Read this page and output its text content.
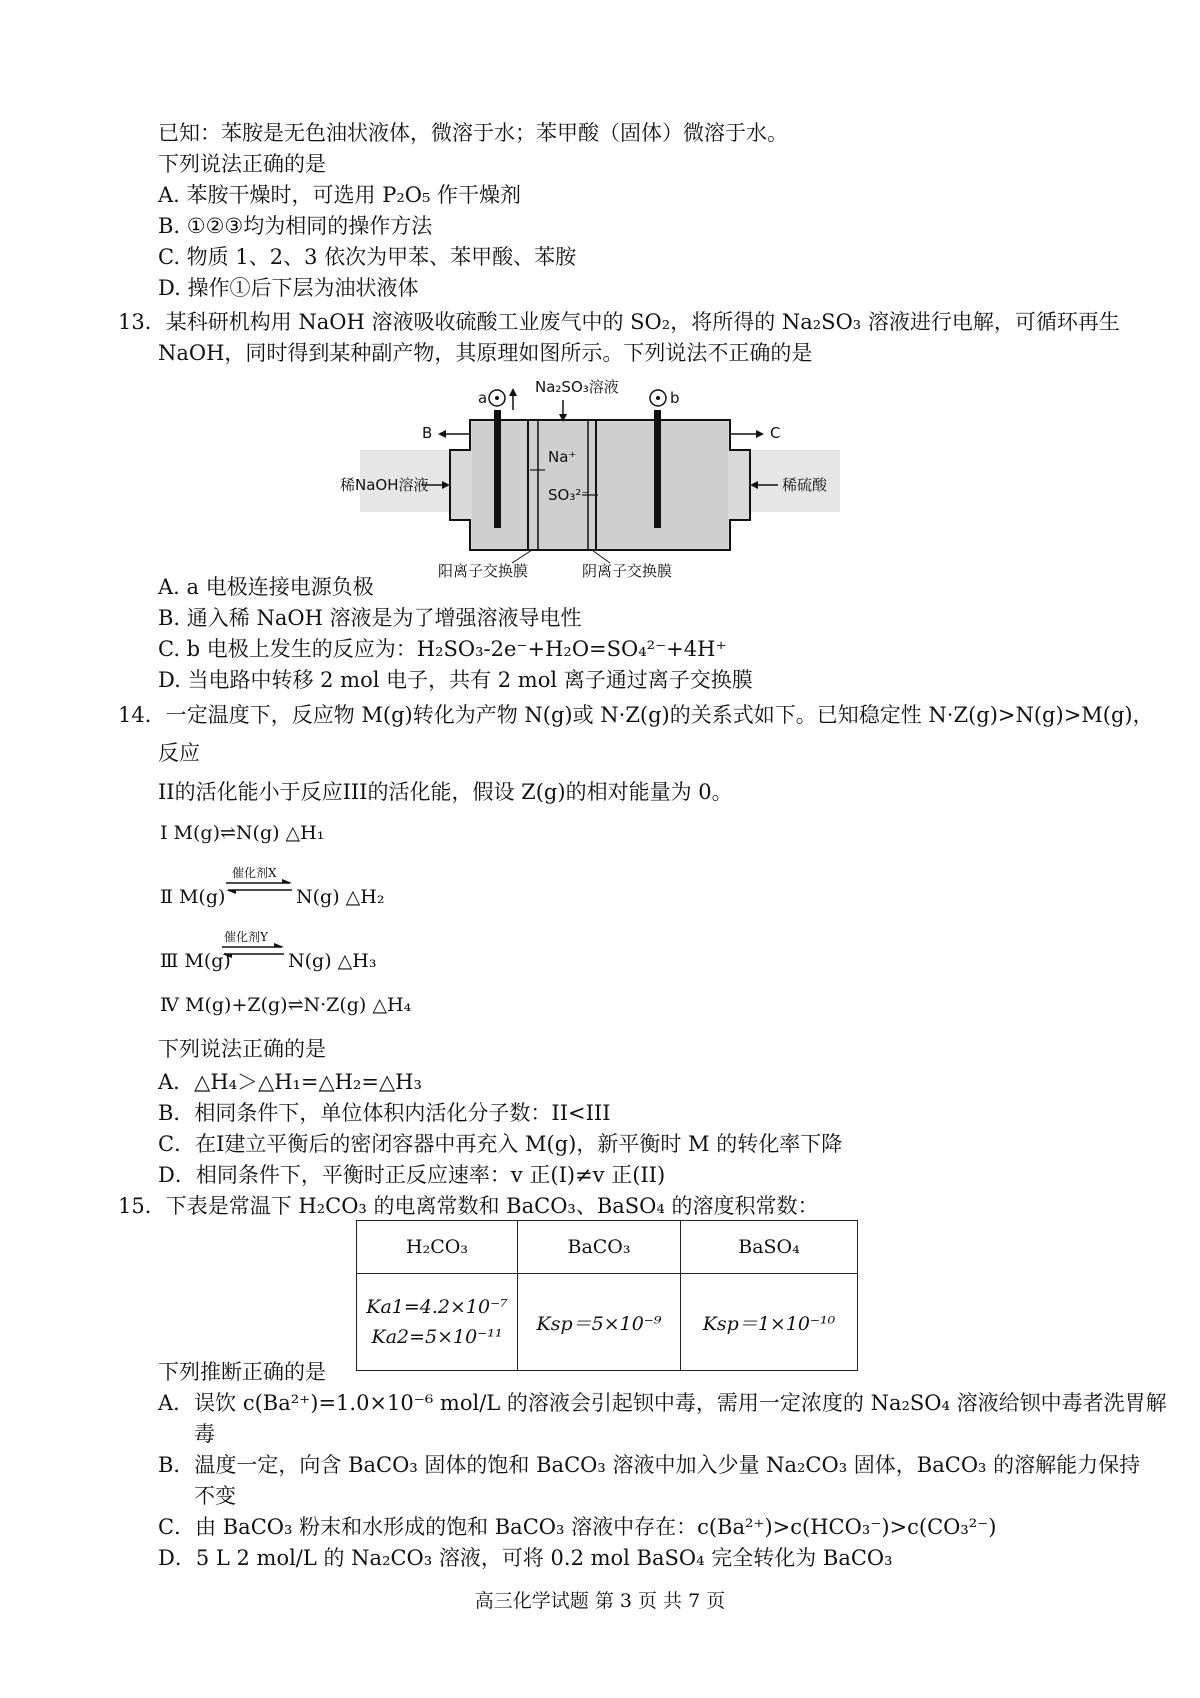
已知：苯胺是无色油状液体，微溶于水；苯甲酸（固体）微溶于水。
下列说法正确的是
A. 苯胺干燥时，可选用 P₂O₅ 作干燥剂
B. ①②③均为相同的操作方法
C. 物质 1、2、3 依次为甲苯、苯甲酸、苯胺
D. 操作①后下层为油状液体
13．某科研机构用 NaOH 溶液吸收硫酸工业废气中的 SO₂，将所得的 Na₂SO₃ 溶液进行电解，可循环再生
NaOH，同时得到某种副产物，其原理如图所示。下列说法不正确的是
a	b
Na₂SO₃溶液
Na⁺
SO₃²⁻
B	C
稀NaOH溶液	稀硫酸
阳离子交换膜	阴离子交换膜
A. a 电极连接电源负极
B. 通入稀 NaOH 溶液是为了增强溶液导电性
C. b 电极上发生的反应为：H₂SO₃-2e⁻+H₂O=SO₄²⁻+4H⁺
D. 当电路中转移 2 mol 电子，共有 2 mol 离子通过离子交换膜
14．一定温度下，反应物 M(g)转化为产物 N(g)或 N·Z(g)的关系式如下。已知稳定性 N·Z(g)>N(g)>M(g)，
反应
II的活化能小于反应III的活化能，假设 Z(g)的相对能量为 0。
Ⅰ M(g)⇌N(g) △H₁
Ⅱ M(g)
催化剂X
N(g) △H₂
Ⅲ M(g)
催化剂Y
N(g) △H₃
Ⅳ M(g)+Z(g)⇌N·Z(g) △H₄
下列说法正确的是
A．△H₄＞△H₁=△H₂=△H₃
B．相同条件下，单位体积内活化分子数：II<III
C．在I建立平衡后的密闭容器中再充入 M(g)，新平衡时 M 的转化率下降
D．相同条件下，平衡时正反应速率：v 正(I)≠v 正(II)
15．下表是常温下 H₂CO₃ 的电离常数和 BaCO₃、BaSO₄ 的溶度积常数：
H₂CO₃	BaCO₃	BaSO₄

Ka1=4.2×10⁻⁷
Ka2=5×10⁻¹¹	Ksp＝5×10⁻⁹	Ksp＝1×10⁻¹⁰
下列推断正确的是
A．误饮 c(Ba²⁺)=1.0×10⁻⁶ mol/L 的溶液会引起钡中毒，需用一定浓度的 Na₂SO₄ 溶液给钡中毒者洗胃解
毒
B．温度一定，向含 BaCO₃ 固体的饱和 BaCO₃ 溶液中加入少量 Na₂CO₃ 固体，BaCO₃ 的溶解能力保持
不变
C．由 BaCO₃ 粉末和水形成的饱和 BaCO₃ 溶液中存在：c(Ba²⁺)>c(HCO₃⁻)>c(CO₃²⁻)
D．5 L 2 mol/L 的 Na₂CO₃ 溶液，可将 0.2 mol BaSO₄ 完全转化为 BaCO₃
高三化学试题 第 3 页 共 7 页
